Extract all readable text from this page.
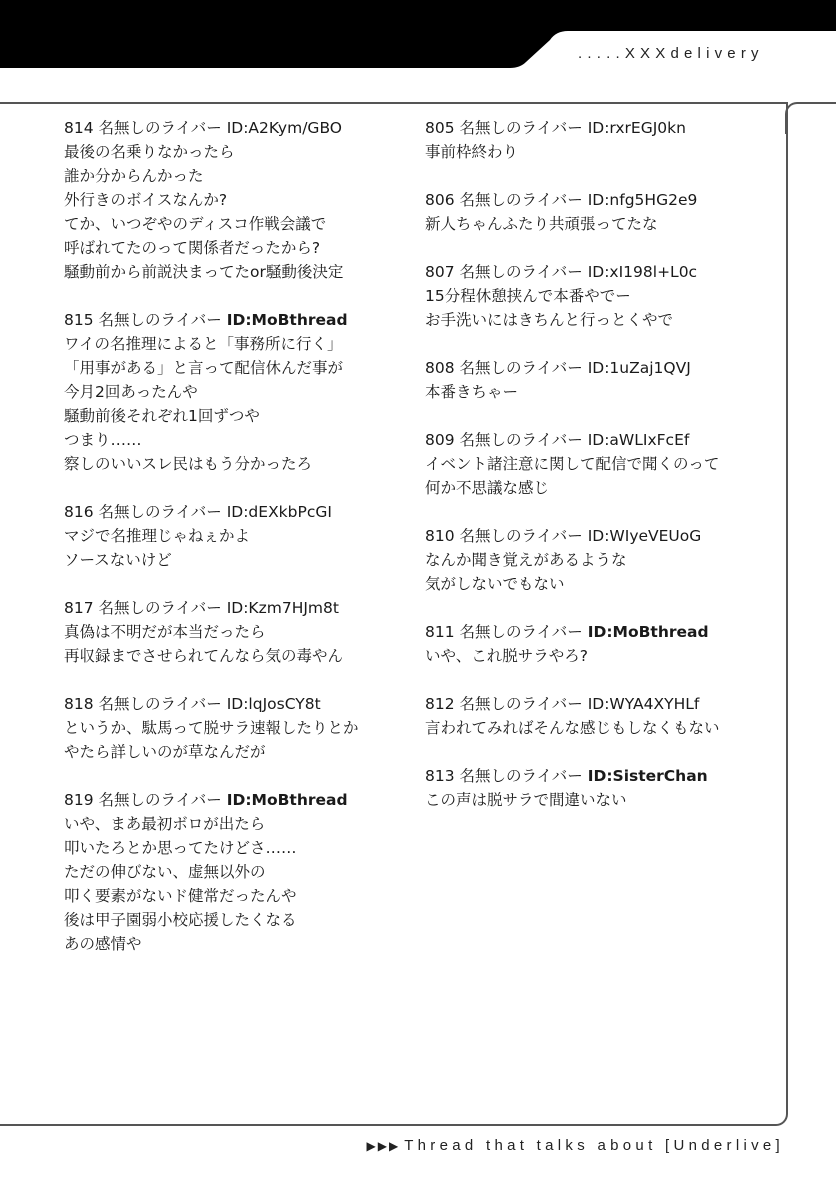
.....XXXdelivery
814 名無しのライバー ID:A2Kym/GBO
最後の名乗りなかったら
誰か分からんかった
外行きのボイスなんか?
てか、いつぞやのディスコ作戦会議で
呼ばれてたのって関係者だったから?
騒動前から前説決まってたor騒動後決定
815 名無しのライバー ID:MoBthread
ワイの名推理によると「事務所に行く」
「用事がある」と言って配信休んだ事が
今月2回あったんや
騒動前後それぞれ1回ずつや
つまり……
察しのいいスレ民はもう分かったろ
816 名無しのライバー ID:dEXkbPcGI
マジで名推理じゃねぇかよ
ソースないけど
817 名無しのライバー ID:Kzm7HJm8t
真偽は不明だが本当だったら
再収録までさせられてんなら気の毒やん
818 名無しのライバー ID:lqJosCY8t
というか、駄馬って脱サラ速報したりとか
やたら詳しいのが草なんだが
819 名無しのライバー ID:MoBthread
いや、まあ最初ボロが出たら
叩いたろとか思ってたけどさ……
ただの伸びない、虚無以外の
叩く要素がないド健常だったんや
後は甲子園弱小校応援したくなる
あの感情や
805 名無しのライバー ID:rxrEGJ0kn
事前枠終わり
806 名無しのライバー ID:nfg5HG2e9
新人ちゃんふたり共頑張ってたな
807 名無しのライバー ID:xI198l+L0c
15分程休憩挟んで本番やでー
お手洗いにはきちんと行っとくやで
808 名無しのライバー ID:1uZaj1QVJ
本番きちゃー
809 名無しのライバー ID:aWLIxFcEf
イベント諸注意に関して配信で聞くのって
何か不思議な感じ
810 名無しのライバー ID:WIyeVEUoG
なんか聞き覚えがあるような
気がしないでもない
811 名無しのライバー ID:MoBthread
いや、これ脱サラやろ?
812 名無しのライバー ID:WYA4XYHLf
言われてみればそんな感じもしなくもない
813 名無しのライバー ID:SisterChan
この声は脱サラで間違いない
▶▶▶ Thread that talks about [Underlive]
